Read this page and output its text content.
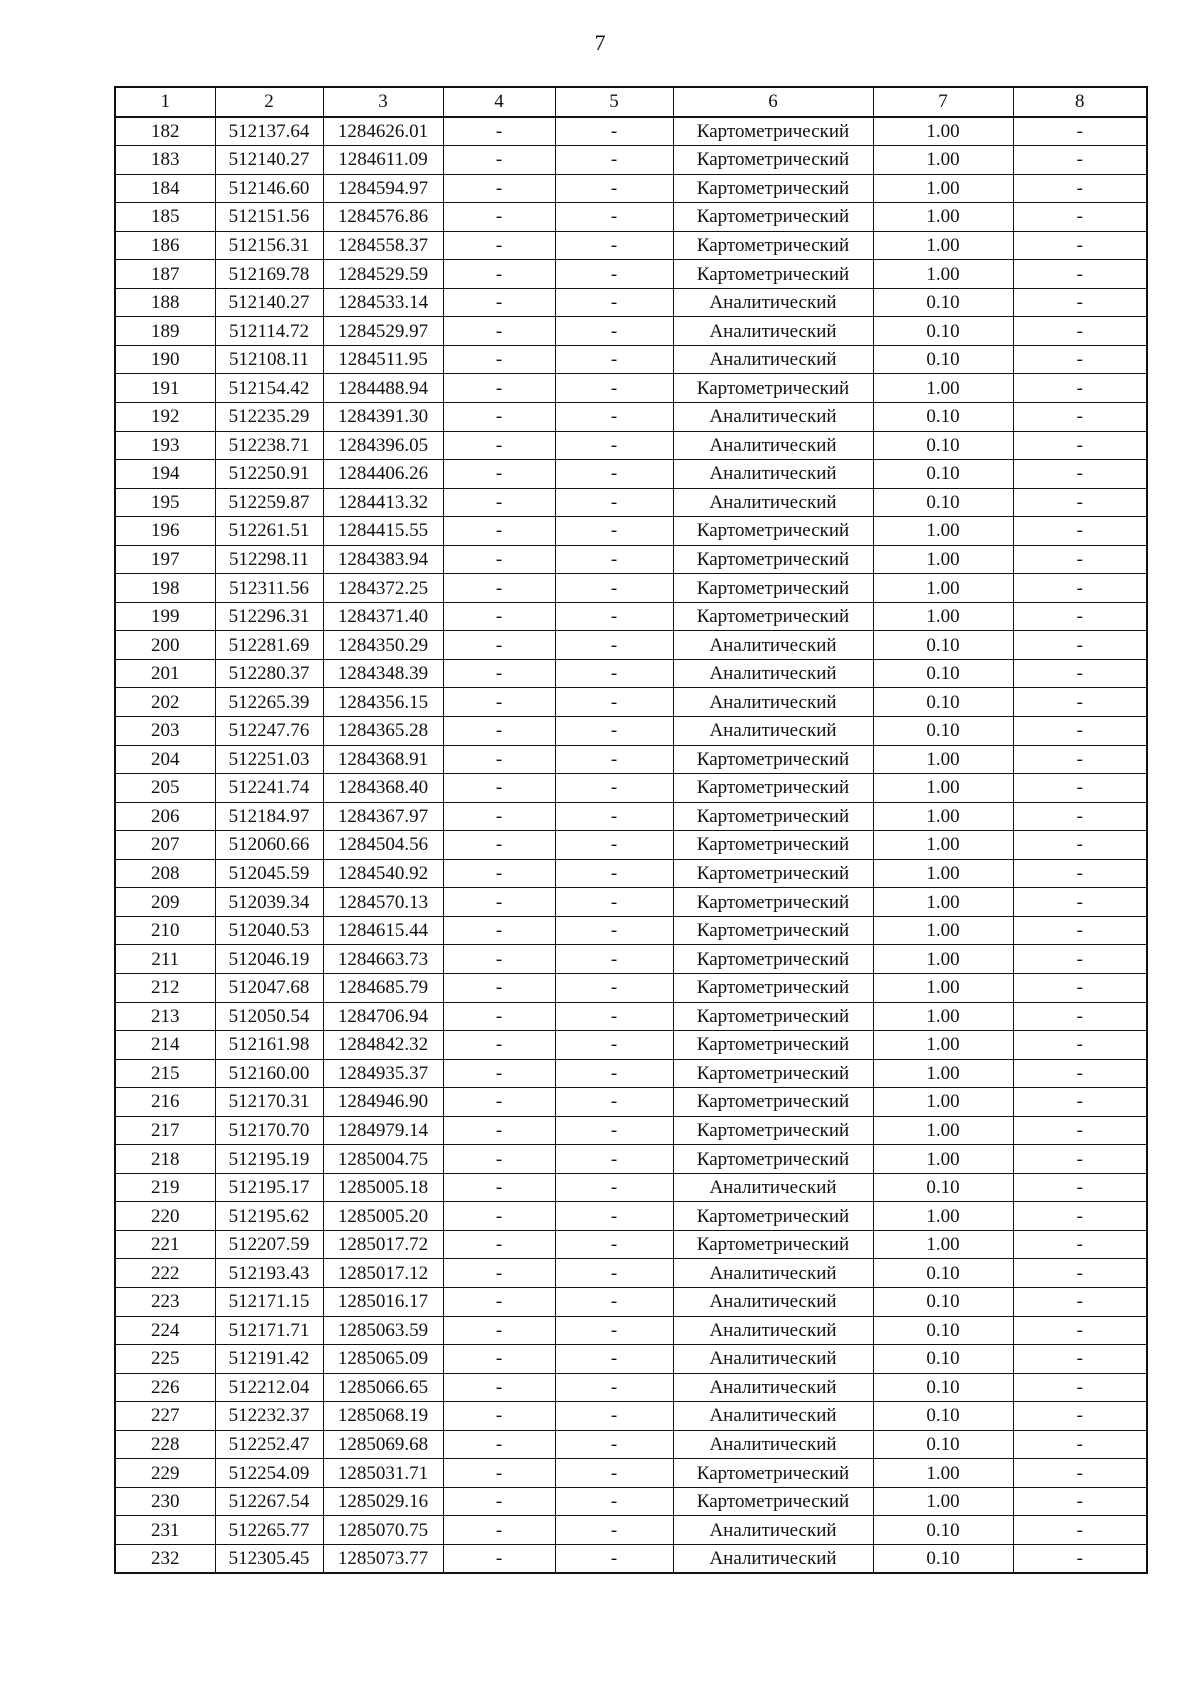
7
1	2	3	4	5	6	7	8
182	512137.64	1284626.01	-	-	Картометрический	1.00	-
183	512140.27	1284611.09	-	-	Картометрический	1.00	-
184	512146.60	1284594.97	-	-	Картометрический	1.00	-
185	512151.56	1284576.86	-	-	Картометрический	1.00	-
186	512156.31	1284558.37	-	-	Картометрический	1.00	-
187	512169.78	1284529.59	-	-	Картометрический	1.00	-
188	512140.27	1284533.14	-	-	Аналитический	0.10	-
189	512114.72	1284529.97	-	-	Аналитический	0.10	-
190	512108.11	1284511.95	-	-	Аналитический	0.10	-
191	512154.42	1284488.94	-	-	Картометрический	1.00	-
192	512235.29	1284391.30	-	-	Аналитический	0.10	-
193	512238.71	1284396.05	-	-	Аналитический	0.10	-
194	512250.91	1284406.26	-	-	Аналитический	0.10	-
195	512259.87	1284413.32	-	-	Аналитический	0.10	-
196	512261.51	1284415.55	-	-	Картометрический	1.00	-
197	512298.11	1284383.94	-	-	Картометрический	1.00	-
198	512311.56	1284372.25	-	-	Картометрический	1.00	-
199	512296.31	1284371.40	-	-	Картометрический	1.00	-
200	512281.69	1284350.29	-	-	Аналитический	0.10	-
201	512280.37	1284348.39	-	-	Аналитический	0.10	-
202	512265.39	1284356.15	-	-	Аналитический	0.10	-
203	512247.76	1284365.28	-	-	Аналитический	0.10	-
204	512251.03	1284368.91	-	-	Картометрический	1.00	-
205	512241.74	1284368.40	-	-	Картометрический	1.00	-
206	512184.97	1284367.97	-	-	Картометрический	1.00	-
207	512060.66	1284504.56	-	-	Картометрический	1.00	-
208	512045.59	1284540.92	-	-	Картометрический	1.00	-
209	512039.34	1284570.13	-	-	Картометрический	1.00	-
210	512040.53	1284615.44	-	-	Картометрический	1.00	-
211	512046.19	1284663.73	-	-	Картометрический	1.00	-
212	512047.68	1284685.79	-	-	Картометрический	1.00	-
213	512050.54	1284706.94	-	-	Картометрический	1.00	-
214	512161.98	1284842.32	-	-	Картометрический	1.00	-
215	512160.00	1284935.37	-	-	Картометрический	1.00	-
216	512170.31	1284946.90	-	-	Картометрический	1.00	-
217	512170.70	1284979.14	-	-	Картометрический	1.00	-
218	512195.19	1285004.75	-	-	Картометрический	1.00	-
219	512195.17	1285005.18	-	-	Аналитический	0.10	-
220	512195.62	1285005.20	-	-	Картометрический	1.00	-
221	512207.59	1285017.72	-	-	Картометрический	1.00	-
222	512193.43	1285017.12	-	-	Аналитический	0.10	-
223	512171.15	1285016.17	-	-	Аналитический	0.10	-
224	512171.71	1285063.59	-	-	Аналитический	0.10	-
225	512191.42	1285065.09	-	-	Аналитический	0.10	-
226	512212.04	1285066.65	-	-	Аналитический	0.10	-
227	512232.37	1285068.19	-	-	Аналитический	0.10	-
228	512252.47	1285069.68	-	-	Аналитический	0.10	-
229	512254.09	1285031.71	-	-	Картометрический	1.00	-
230	512267.54	1285029.16	-	-	Картометрический	1.00	-
231	512265.77	1285070.75	-	-	Аналитический	0.10	-
232	512305.45	1285073.77	-	-	Аналитический	0.10	-
